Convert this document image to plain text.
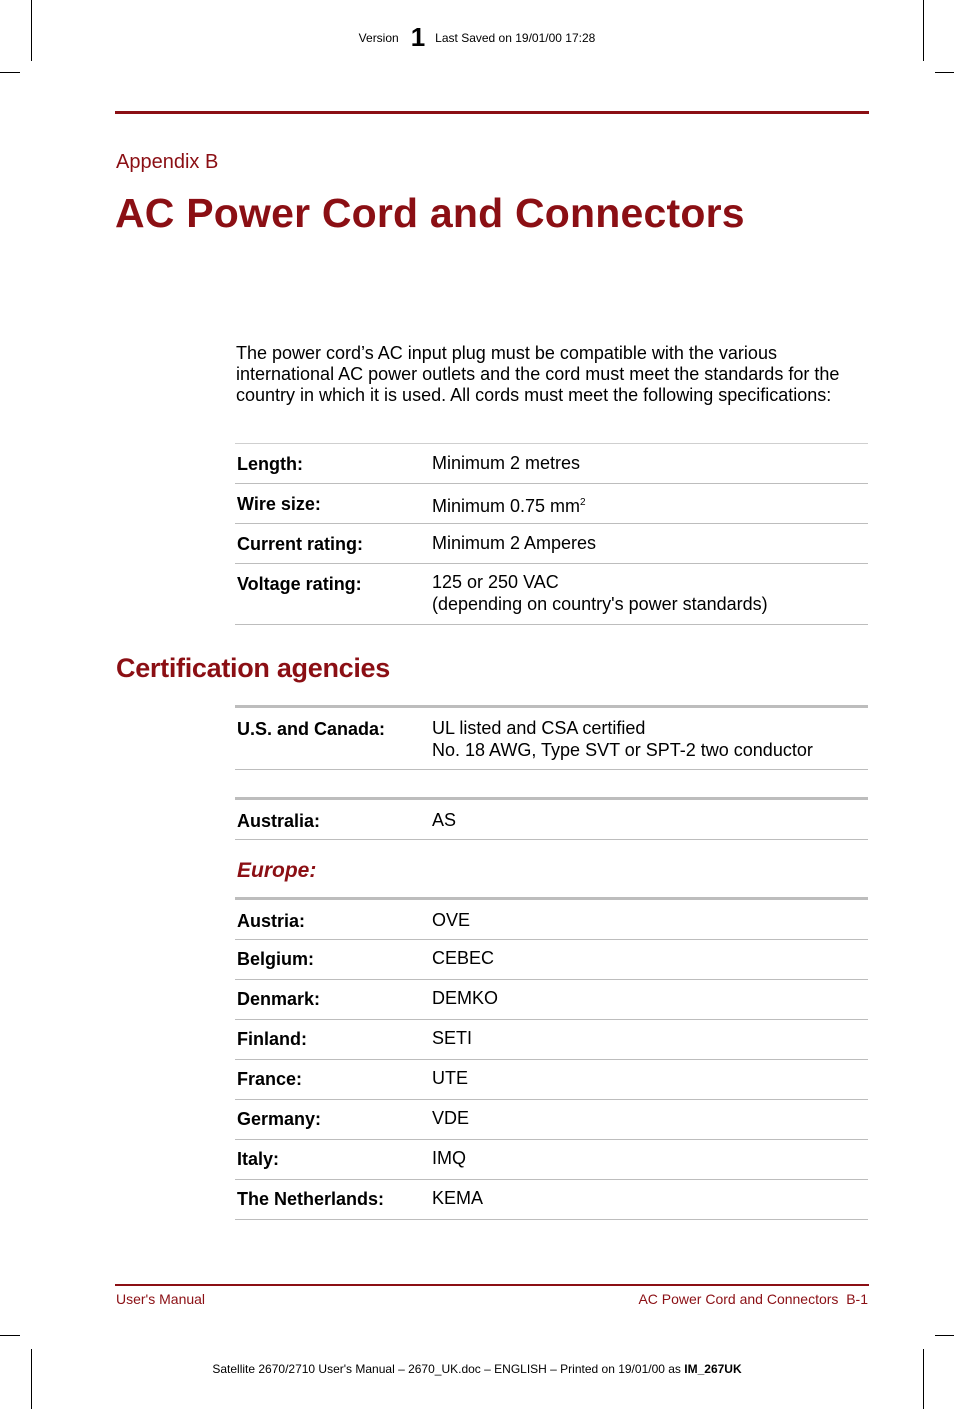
Version 1 Last Saved on 19/01/00 17:28
Appendix B
AC Power Cord and Connectors
The power cord’s AC input plug must be compatible with the various international AC power outlets and the cord must meet the standards for the country in which it is used. All cords must meet the following specifications:
Length:	Minimum 2 metres
Wire size:	Minimum 0.75 $mm^2$
Current rating:	Minimum 2 Amperes
Voltage rating:	125 or 250 VAC
(depending on country's power standards)
Certification agencies
U.S. and Canada:	UL listed and CSA certified
No. 18 AWG, Type SVT or SPT-2 two conductor
Australia:	AS
Europe:
Austria:	OVE
Belgium:	CEBEC
Denmark:	DEMKO
Finland:	SETI
France:	UTE
Germany:	VDE
Italy:	IMQ
The Netherlands:	KEMA
User's Manual	AC Power Cord and Connectors  B-1
Satellite 2670/2710 User's Manual – 2670_UK.doc – ENGLISH – Printed on 19/01/00 as IM_267UK
